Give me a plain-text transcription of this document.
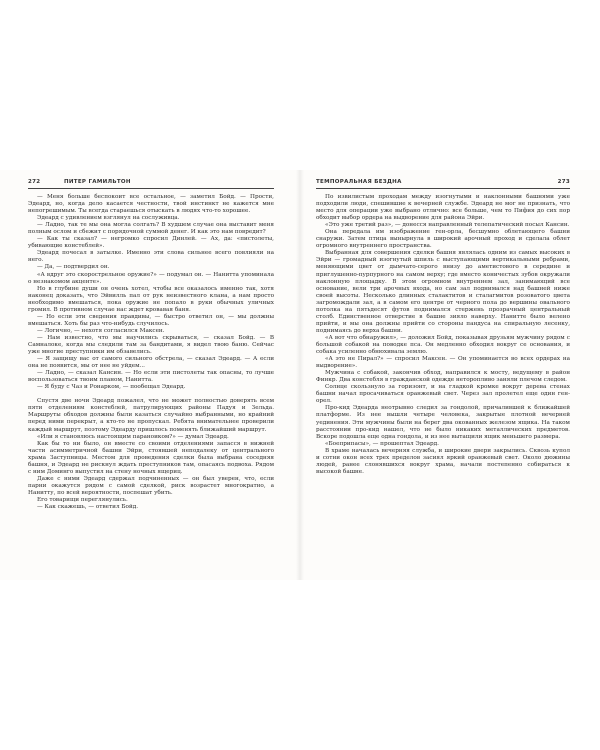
272	ПИТЕР ГАМИЛЬТОН

— Меня больше беспокоит все остальное, — заметил Бойд. — Прости, Эдеард, но, когда дело касается честности, твой инстинкт не кажется мне непогрешимым. Ты всегда стараешься отыскать в людях что-то хорошее.

Эдеард с удивлением взглянул на сослуживца.

— Ладно, так те мы она могла солгать? В худшем случае она выставит меня полным ослом и сбежит с порядочной суммой денег. И как это нам повредит?

— Как ты сказал? — негромко спросил Динлей. — Ах, да: «пистолеты, убивающие констеблей».

Эдеард почесал в затылке. Именно эти слова сильнее всего повлияли на него.

— Да, — подтвердил он.

«А вдруг это скорострельное оружие?» — подумал он. — Нанитта упоминала о незнакомом акценте».

Но в глубине души он очень хотел, чтобы все оказалось именно так, хотя наконец доказать, что Эйвилль пал от рук неизвестного клана, а нам просто необходимо вмешаться, пока оружие не попало в руки обычных уличных громил. В противном случае нас ждет кровавая баня.

— Но если эти сведения правдивы, — быстро ответил он, — мы должны вмешаться. Хоть бы раз что-нибудь случилось.

— Логично, — нехотя согласился Максен.

— Нам известно, что мы научились скрываться, — сказал Бойд. — В Самналоке, когда мы следили там за бандитами, я видел твою баню. Сейчас уже многие преступники им обзавелись.

— Я защищу вас от самого сильного обстрела, — сказал Эдеард. — А если она не появится, мы от нее не уйдем...

— Ладно, — сказал Кансин. — Но если эти пистолеты так опасны, то лучше воспользоваться твоим планом, Нанитта.

— Я буду с Чаз и Ронарком, — пообещал Эдеард.

Спустя две ночи Эдеард пожалел, что не может полностью доверять всем пяти отделениям констеблей, патрулирующих районы Падуя и Зельда. Маршруты обходов должны были казаться случайно выбранными, но крайний перед ними перекрыт, а кто-то не пропускал. Ребята внимательнее проверили каждый маршрут, поэтому Эдеарду пришлось поменять ближайший маршрут.

«Или я становлюсь настоящим параноиком?» — думал Эдеард.

Как бы то ни было, он вместе со своими отделениями запасся в нижней части асимметричной башни Эйри, стоявшей неподалеку от центрального храма Заступницы. Местом для проведения сделки была выбрана соседняя башня, и Эдеард не рискнул ждать преступников там, опасаясь подвоха. Рядом с ним Доминго выпустил на стену ночных ящериц.

Даже с ними Эдеард сдержал подчиненных — он был уверен, что, если парни окажутся рядом с самой сделкой, риск возрастет многократно, а Нанитту, по всей вероятности, поспешат убить.

Его товарищи переглянулись.

— Как скажешь, — ответил Бойд.

ТЕМПОРАЛЬНАЯ БЕЗДНА	273

По извилистым проходам между изогнутыми и наклонными башнями уже подходили люди, спешившие к вечерней службе. Эдеард не мог не признать, что место для операции уже выбрано отлично: все больше, чем то Пифия до сих пор обходит выбор ордера на выдворение для района Эйри.

«Это уже третий раз», — донесся направленный телепатический посыл Кансин.

Она передала им изображение ген-орла, бесшумно облетающего башни снаружи. Затем птица вынырнула в широкий арочный проход и сделала облет огромного внутреннего пространства.

Выбранная для совершения сделки башня являлась одним из самых высоких в Эйри — громадный изогнутый шпиль с выступающими вертикальными ребрами, меняющими цвет от дымчато-серого внизу до аметистового в середине и приглушенно-пурпурного на самом верху; где вместо коничестых зубов окружали наклонную площадку. В этом огромном внутреннем зал, занимающий все основание, вели три арочных входа, но сам зал поднимался над башней ниже своей высоты. Несколько длинных сталактитов и сталагмитов розоватого цвета загромождали зал, а в самом его центре от черного пола до вершины овального потолка на пятьдесят футов поднимался стержень прозрачный центральный столб. Единственное отверстие в башне зияло наверху. Нанитте было велено прийти, и мы она должны прийти со стороны пандуса на спиральную лесенку, поднимаясь до верха башни.

«А вот что обнаружил», — доложил Бойд, показывая друзьям мужчину рядом с большой собакой на поводке пса. Он медленно обходил вокруг се основания, и собака усиленно обнюхивала землю.

«А это не Пирал?» — спросил Максен. — Он упоминается во всех ордерах на выдворение».

Мужчина с собакой, закончив обход, направился к мосту, ведущему в район Финкр. Два констебля в гражданской одежде неторопливо заняли плечом следом.

Солнце скользнуло за горизонт, и на гладкой кромке вокруг дерева стенах башни начал просачиваться оранжевый свет. Через зал пролетел еще один ген-орел.

Про-кид Эдеарда неотрывно следил за гондолой, причалившей к ближайшей платформе. Из нее вышли четыре человека, закрытые плотной вечерней уединения. Эти мужчины были на берег два окованных железом ящика. На таком расстоянии про-кид нашел, что не было никаких металлических предметов. Вскоре подошла еще одна гондола, и из нее вытащили ящик меньшего размера.

«Боеприпасы», — прошептал Эдеард.

В храме началась вечерняя служба, и широкие двери закрылись. Сквозь купол и сотни окон всех трех пределов засиял яркий оранжевый свет. Около дюжины людей, ранее слонявшихся вокруг храма, начали постепенно собираться к высокой башне.
